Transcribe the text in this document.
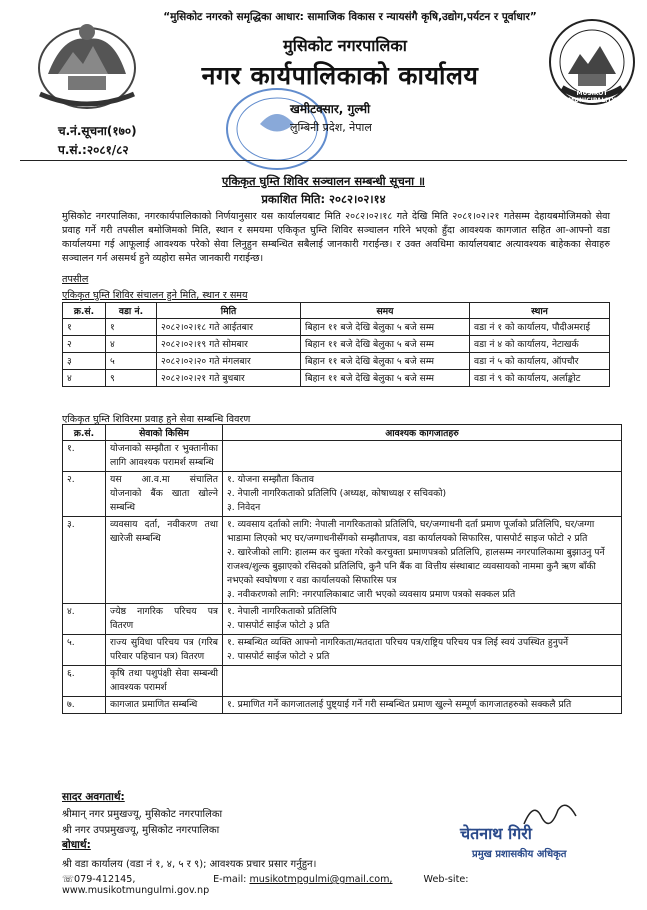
“मुसिकोट नगरको समृद्धिका आधार: सामाजिक विकास र न्यायसंगै कृषि,उद्योग,पर्यटन र पूर्वाधार”
MUSIKOT MUNICIPALITY
मुसिकोट नगरपालिका
नगर कार्यपालिकाको कार्यालय
खमीटक्सार, गुल्मी
लुम्बिनी प्रदेश, नेपाल
च.नं.सूचना(१७०)
प.सं.:२०८१/८२
एकिकृत घुम्ति शिविर सञ्चालन सम्बन्धी सूचना ॥
प्रकाशित मिति: २०८२।०२।१४
मुसिकोट नगरपालिका, नगरकार्यपालिकाको निर्णयानुसार यस कार्यालयबाट मिति २०८२।०२।१८ गते देखि मिति २०८१।०२।२१ गतेसम्म देहायबमोजिमको सेवा प्रवाह गर्ने गरी तपसील बमोजिमको मिति, स्थान र समयमा एकिकृत घुम्ति शिविर सञ्चालन गरिने भएको हुँदा आवश्यक कागजात सहित आ-आफ्नो वडा कार्यालयमा गई आफूलाई आवश्यक परेको सेवा लिनुहुन सम्बन्धित सबैलाई जानकारी गराईन्छ। र उक्त अवधिमा कार्यालयबाट अत्यावश्यक बाहेकका सेवाहरु सञ्चालन गर्न असमर्थ हुने व्यहोरा समेत जानकारी गराईन्छ।
तपसील
एकिकृत घुम्ति शिविर संचालन हुने मिति, स्थान र समय
क्र.सं.	वडा नं.	मिति	समय	स्थान
१	१	२०८२।०२।१८ गते आईतबार	बिहान ११ बजे देखि बेलुका ५ बजे सम्म	वडा नं १ को कार्यालय, पौदीअमराई
२	४	२०८२।०२।१९ गते सोमबार	बिहान ११ बजे देखि बेलुका ५ बजे सम्म	वडा नं ४ को कार्यालय, नेटाखर्क
३	५	२०८२।०२।२० गते मंगलबार	बिहान ११ बजे देखि बेलुका ५ बजे सम्म	वडा नं ५ को कार्यालय, ऑपचौर
४	९	२०८२।०२।२१ गते बुधबार	बिहान ११ बजे देखि बेलुका ५ बजे सम्म	वडा नं ९ को कार्यालय, अर्लाङ्कोट
एकिकृत घुम्ति शिविरमा प्रवाह हुने सेवा सम्बन्धि विवरण
क्र.सं.	सेवाको किसिम	आवश्यक कागजातहरु
१.	योजनाको सम्झौता र भुक्तानीका लागि आवश्यक परामर्श सम्बन्धि	
२.	यस आ.व.मा संचालित योजनाको बैंक खाता खोल्ने सम्बन्धि	१. योजना सम्झौता किताव
२. नेपाली नागरिकताको प्रतिलिपि (अध्यक्ष, कोषाध्यक्ष र सचिवको)
३. निवेदन

३.	व्यवसाय दर्ता, नवीकरण तथा खारेजी सम्बन्धि	१. व्यवसाय दर्ताको लागि: नेपाली नागरिकताको प्रतिलिपि, घर/जग्गाधनी दर्ता प्रमाण पूर्जाको प्रतिलिपि, घर/जग्गा भाडामा लिएको भए घर/जग्गाधनीसँगको सम्झौतापत्र, वडा कार्यालयको सिफारिस, पासपोर्ट साइज फोटो २ प्रति
२. खारेजीको लागि: हालम्म कर चुक्ता गरेको करचुक्ता प्रमाणपत्रको प्रतिलिपि, हालसम्म नगरपालिकामा बुझाउनु पर्ने राजश्व/शुल्क बुझाएको रसिदको प्रतिलिपि, कुनै पनि बैंक वा वित्तीय संस्थाबाट व्यवसायको नाममा कुनै ऋण बाँकी नभएको स्वघोषणा र वडा कार्यालयको सिफारिस पत्र
३. नवीकरणको लागि: नगरपालिकाबाट जारी भएको व्यवसाय प्रमाण पत्रको सक्कल प्रति

४.	ज्येष्ठ नागरिक परिचय पत्र वितरण	१. नेपाली नागरिकताको प्रतिलिपि
२. पासपोर्ट साईज फोटो ३ प्रति

५.	राज्य सुविधा परिचय पत्र (गरिब परिवार पहिचान पत्र) वितरण	१. सम्बन्धित व्यक्ति आफ्नो नागरिकता/मतदाता परिचय पत्र/राष्ट्रिय परिचय पत्र लिई स्वयं उपस्थित हुनुपर्ने
२. पासपोर्ट साईज फोटो २ प्रति

६.	कृषि तथा पशुपंक्षी सेवा सम्बन्धी आवश्यक परामर्श	
७.	कागजात प्रमाणित सम्बन्धि	१. प्रमाणित गर्ने कागजातलाई पुष्ट्याई गर्ने गरी सम्बन्धित प्रमाण खुल्ने सम्पूर्ण कागजातहरुको सक्कलै प्रति
सादर अवगतार्थ:
श्रीमान् नगर प्रमुखज्यू, मुसिकोट नगरपालिका
श्री नगर उपप्रमुखज्यू, मुसिकोट नगरपालिका
बोधार्थ:
श्री वडा कार्यालय (वडा नं १, ४, ५ र ९); आवश्यक प्रचार प्रसार गर्नुहुन।
चेतनाथ गिरी
प्रमुख प्रशासकीय अधिकृत
☏079-412145,	E-mail: musikotmpgulmi@gmail.com,	Web-site: www.musikotmungulmi.gov.np
